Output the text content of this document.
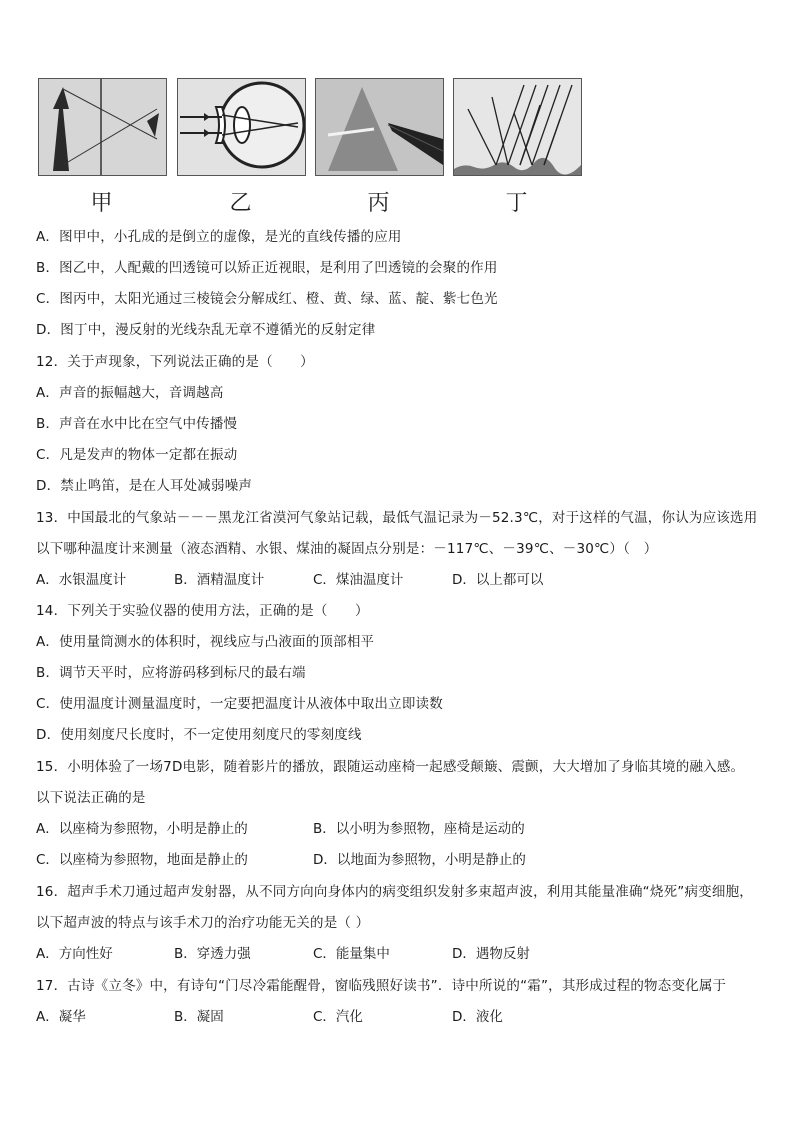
甲	乙	丙	丁
A．图甲中，小孔成的是倒立的虚像，是光的直线传播的应用
B．图乙中，人配戴的凹透镜可以矫正近视眼，是利用了凹透镜的会聚的作用
C．图丙中，太阳光通过三棱镜会分解成红、橙、黄、绿、蓝、靛、紫七色光
D．图丁中，漫反射的光线杂乱无章不遵循光的反射定律
12．关于声现象，下列说法正确的是（　　）
A．声音的振幅越大，音调越高
B．声音在水中比在空气中传播慢
C．凡是发声的物体一定都在振动
D．禁止鸣笛，是在人耳处减弱噪声
13．中国最北的气象站－－－黑龙江省漠河气象站记载，最低气温记录为－52.3℃，对于这样的气温，你认为应该选用
以下哪种温度计来测量（液态酒精、水银、煤油的凝固点分别是：－117℃、－39℃、－30℃）（　）
A．水银温度计	B．酒精温度计	C．煤油温度计	D．以上都可以
14．下列关于实验仪器的使用方法，正确的是（　　）
A．使用量筒测水的体积时，视线应与凸液面的顶部相平
B．调节天平时，应将游码移到标尺的最右端
C．使用温度计测量温度时，一定要把温度计从液体中取出立即读数
D．使用刻度尺长度时，不一定使用刻度尺的零刻度线
15．小明体验了一场7D电影，随着影片的播放，跟随运动座椅一起感受颠簸、震颤，大大增加了身临其境的融入感。
以下说法正确的是
A．以座椅为参照物，小明是静止的	B．以小明为参照物，座椅是运动的
C．以座椅为参照物，地面是静止的	D．以地面为参照物，小明是静止的
16．超声手术刀通过超声发射器，从不同方向向身体内的病变组织发射多束超声波，利用其能量准确“烧死”病变细胞，
以下超声波的特点与该手术刀的治疗功能无关的是（ ）
A．方向性好	B．穿透力强	C．能量集中	D．遇物反射
17．古诗《立冬》中，有诗句“门尽冷霜能醒骨，窗临残照好读书”．诗中所说的“霜”，其形成过程的物态变化属于
A．凝华	B．凝固	C．汽化	D．液化
